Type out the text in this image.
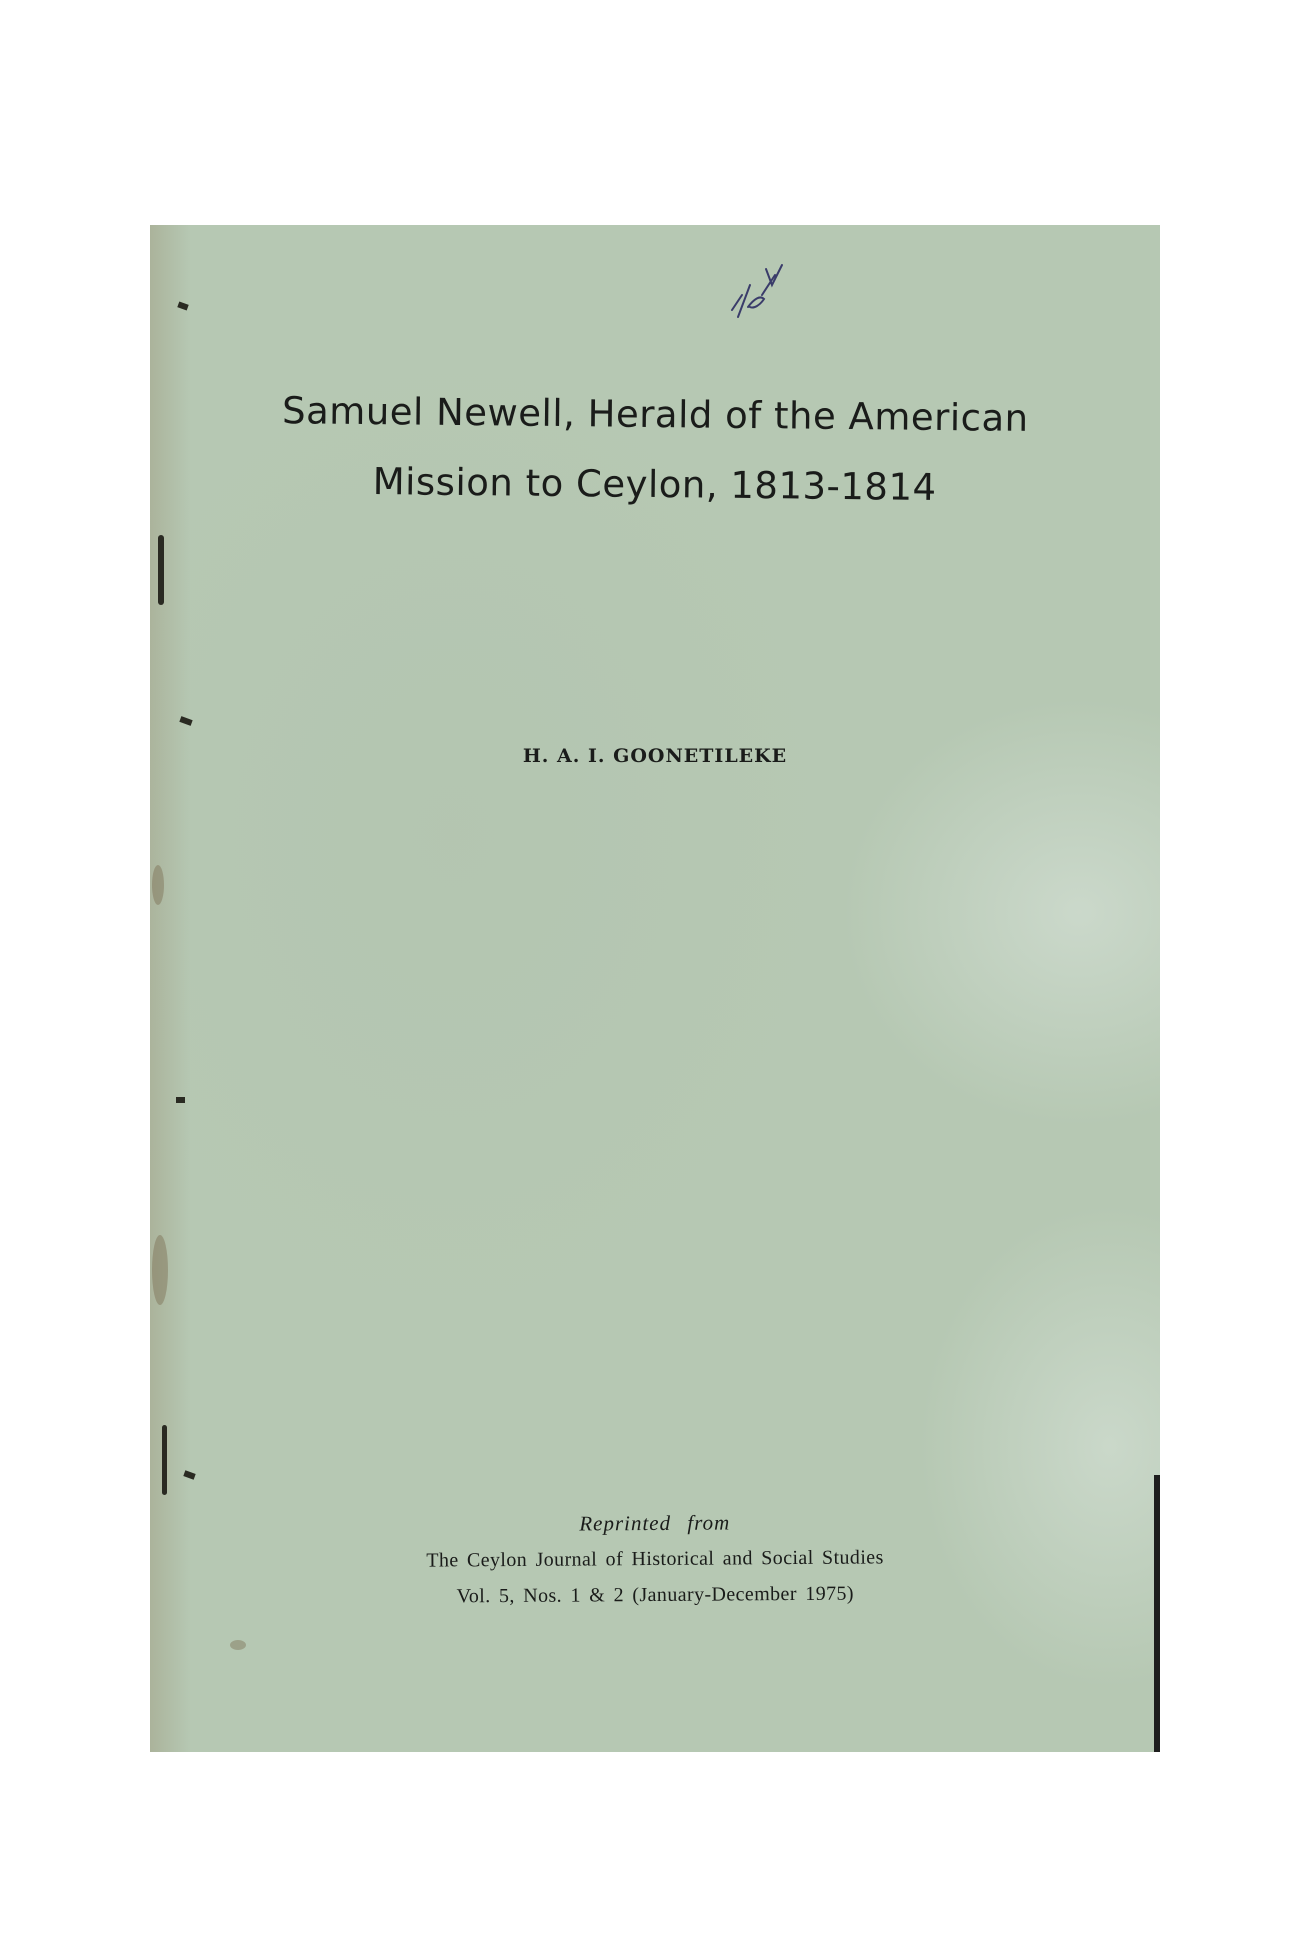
Samuel Newell, Herald of the American
Mission to Ceylon, 1813-1814
H. A. I. GOONETILEKE
Reprinted from
The Ceylon Journal of Historical and Social Studies
Vol. 5, Nos. 1 & 2 (January-December 1975)
